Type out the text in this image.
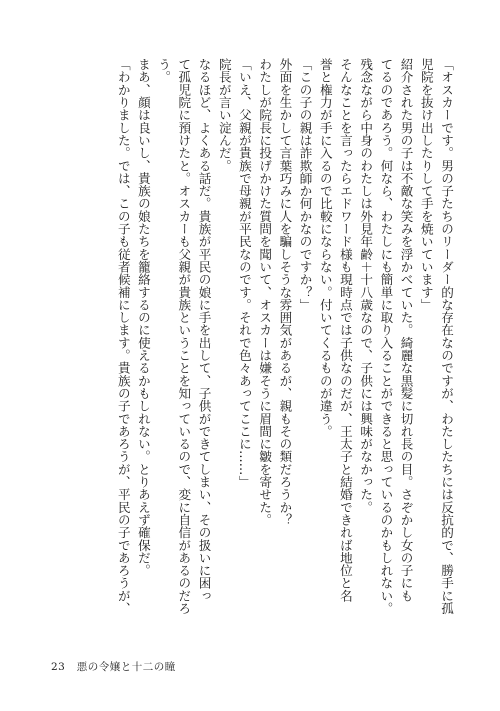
「オスカーです。男の子たちのリーダー的な存在なのですが、わたしたちには反抗的で、勝手に孤
児院を抜け出したりして手を焼いています」
紹介された男の子は不敵な笑みを浮かべていた。綺麗な黒髪に切れ長の目。さぞかし女の子にも
てるのであろう。何なら、わたしにも簡単に取り入ることができると思っているのかもしれない。
残念ながら中身のわたしは外見年齢＋十八歳なので、子供には興味がなかった。
そんなことを言ったらエドワード様も現時点では子供なのだが、王太子と結婚できれば地位と名
誉と権力が手に入るので比較にならない。付いてくるものが違う。
「この子の親は詐欺師か何かなのですか？」
外面を生かして言葉巧みに人を騙しそうな雰囲気があるが、親もその類だろうか？
わたしが院長に投げかけた質問を聞いて、オスカーは嫌そうに眉間に皺を寄せた。
「いえ、父親が貴族で母親が平民なのです。それで色々あってここに……」
院長が言い淀んだ。
なるほど、よくある話だ。貴族が平民の娘に手を出して、子供ができてしまい、その扱いに困っ
て孤児院に預けたと。オスカーも父親が貴族ということを知っているので、変に自信があるのだろ
う。
まあ、顔は良いし、貴族の娘たちを籠絡するのに使えるかもしれない。とりあえず確保だ。
「わかりました。では、この子も従者候補にします。貴族の子であろうが、平民の子であろうが、
23 悪の令嬢と十二の瞳
